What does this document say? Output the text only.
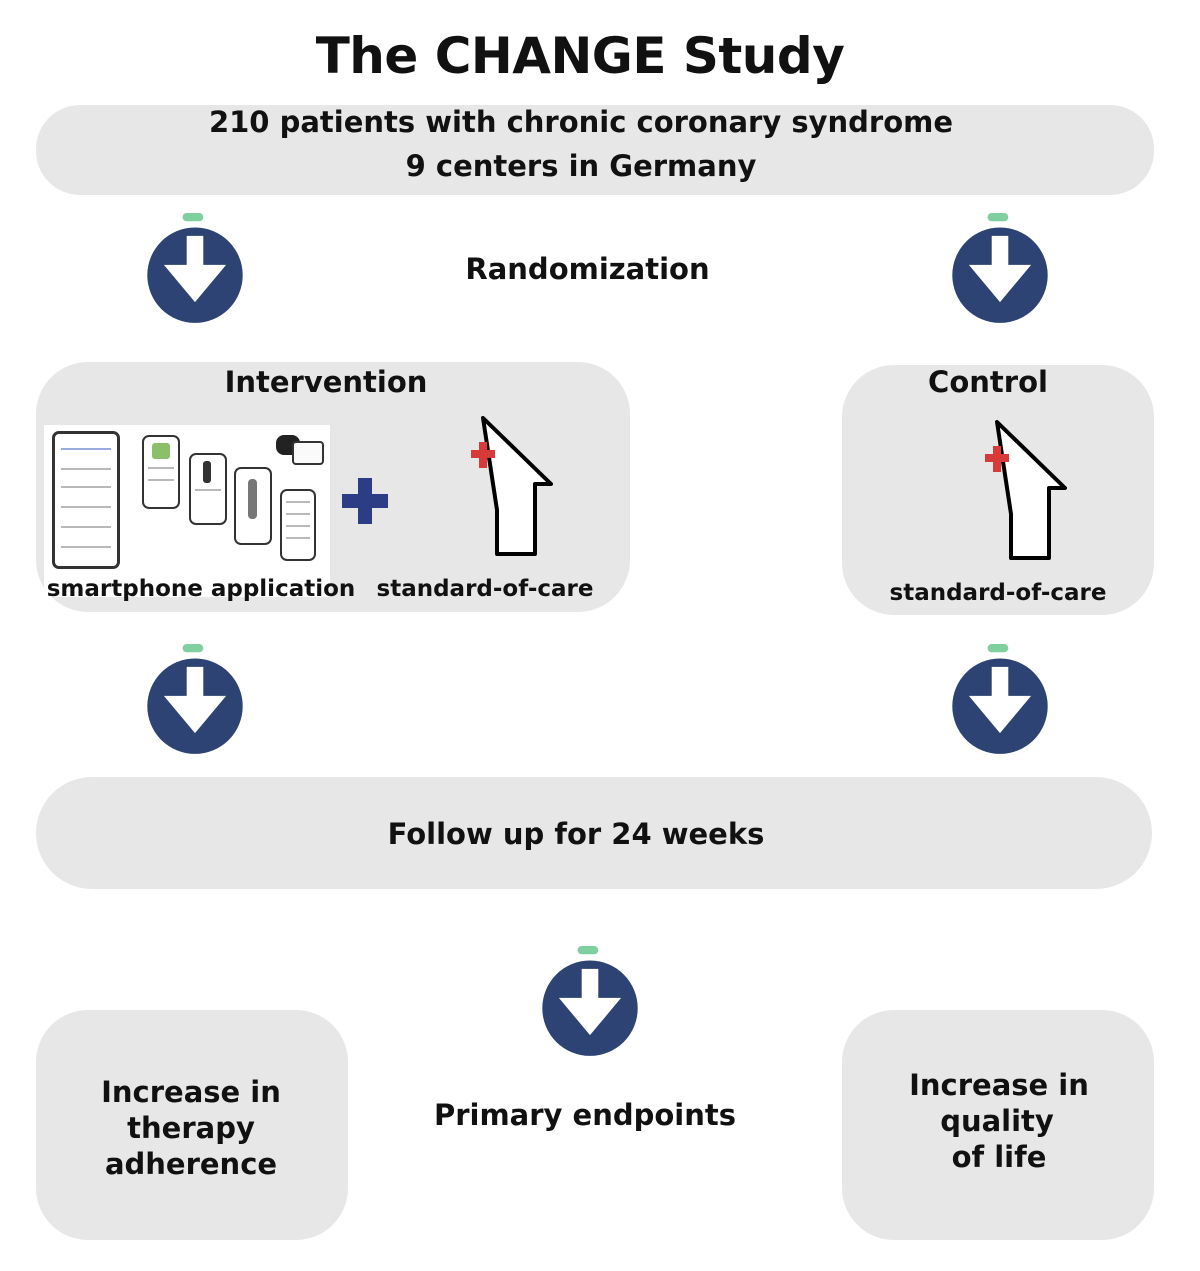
The CHANGE Study
210 patients with chronic coronary syndrome
9 centers in Germany
Randomization
Intervention
smartphone application standard-of-care
Control
standard-of-care
Follow up for 24 weeks
Primary endpoints
Increase in
therapy
adherence
Increase in
quality
of life
